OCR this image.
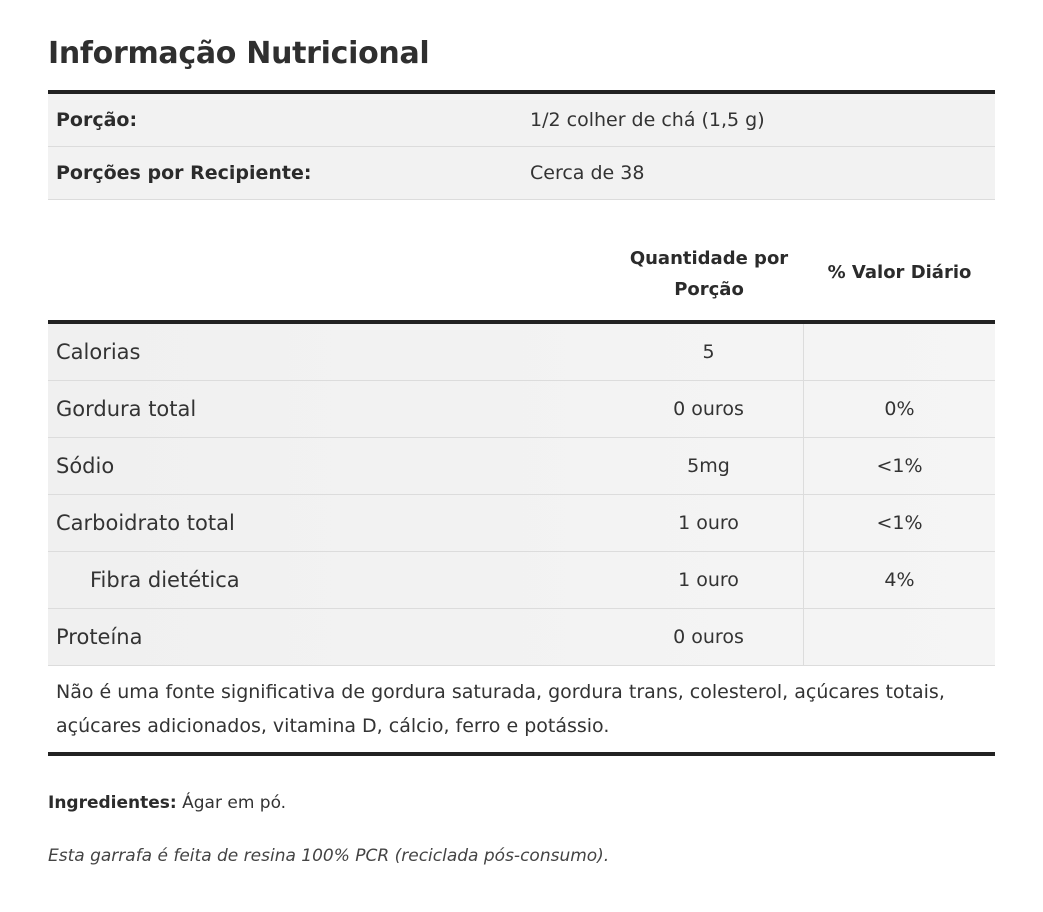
Informação Nutricional
Porção:	1/2 colher de chá (1,5 g)
Porções por Recipiente:	Cerca de 38
Quantidade por Porção
% Valor Diário
Calorias	5
Gordura total	0 ouros	0%
Sódio	5mg	<1%
Carboidrato total	1 ouro	<1%
Fibra dietética	1 ouro	4%
Proteína	0 ouros
Não é uma fonte significativa de gordura saturada, gordura trans, colesterol, açúcares totais, açúcares adicionados, vitamina D, cálcio, ferro e potássio.
Ingredientes: Ágar em pó.
Esta garrafa é feita de resina 100% PCR (reciclada pós-consumo).
